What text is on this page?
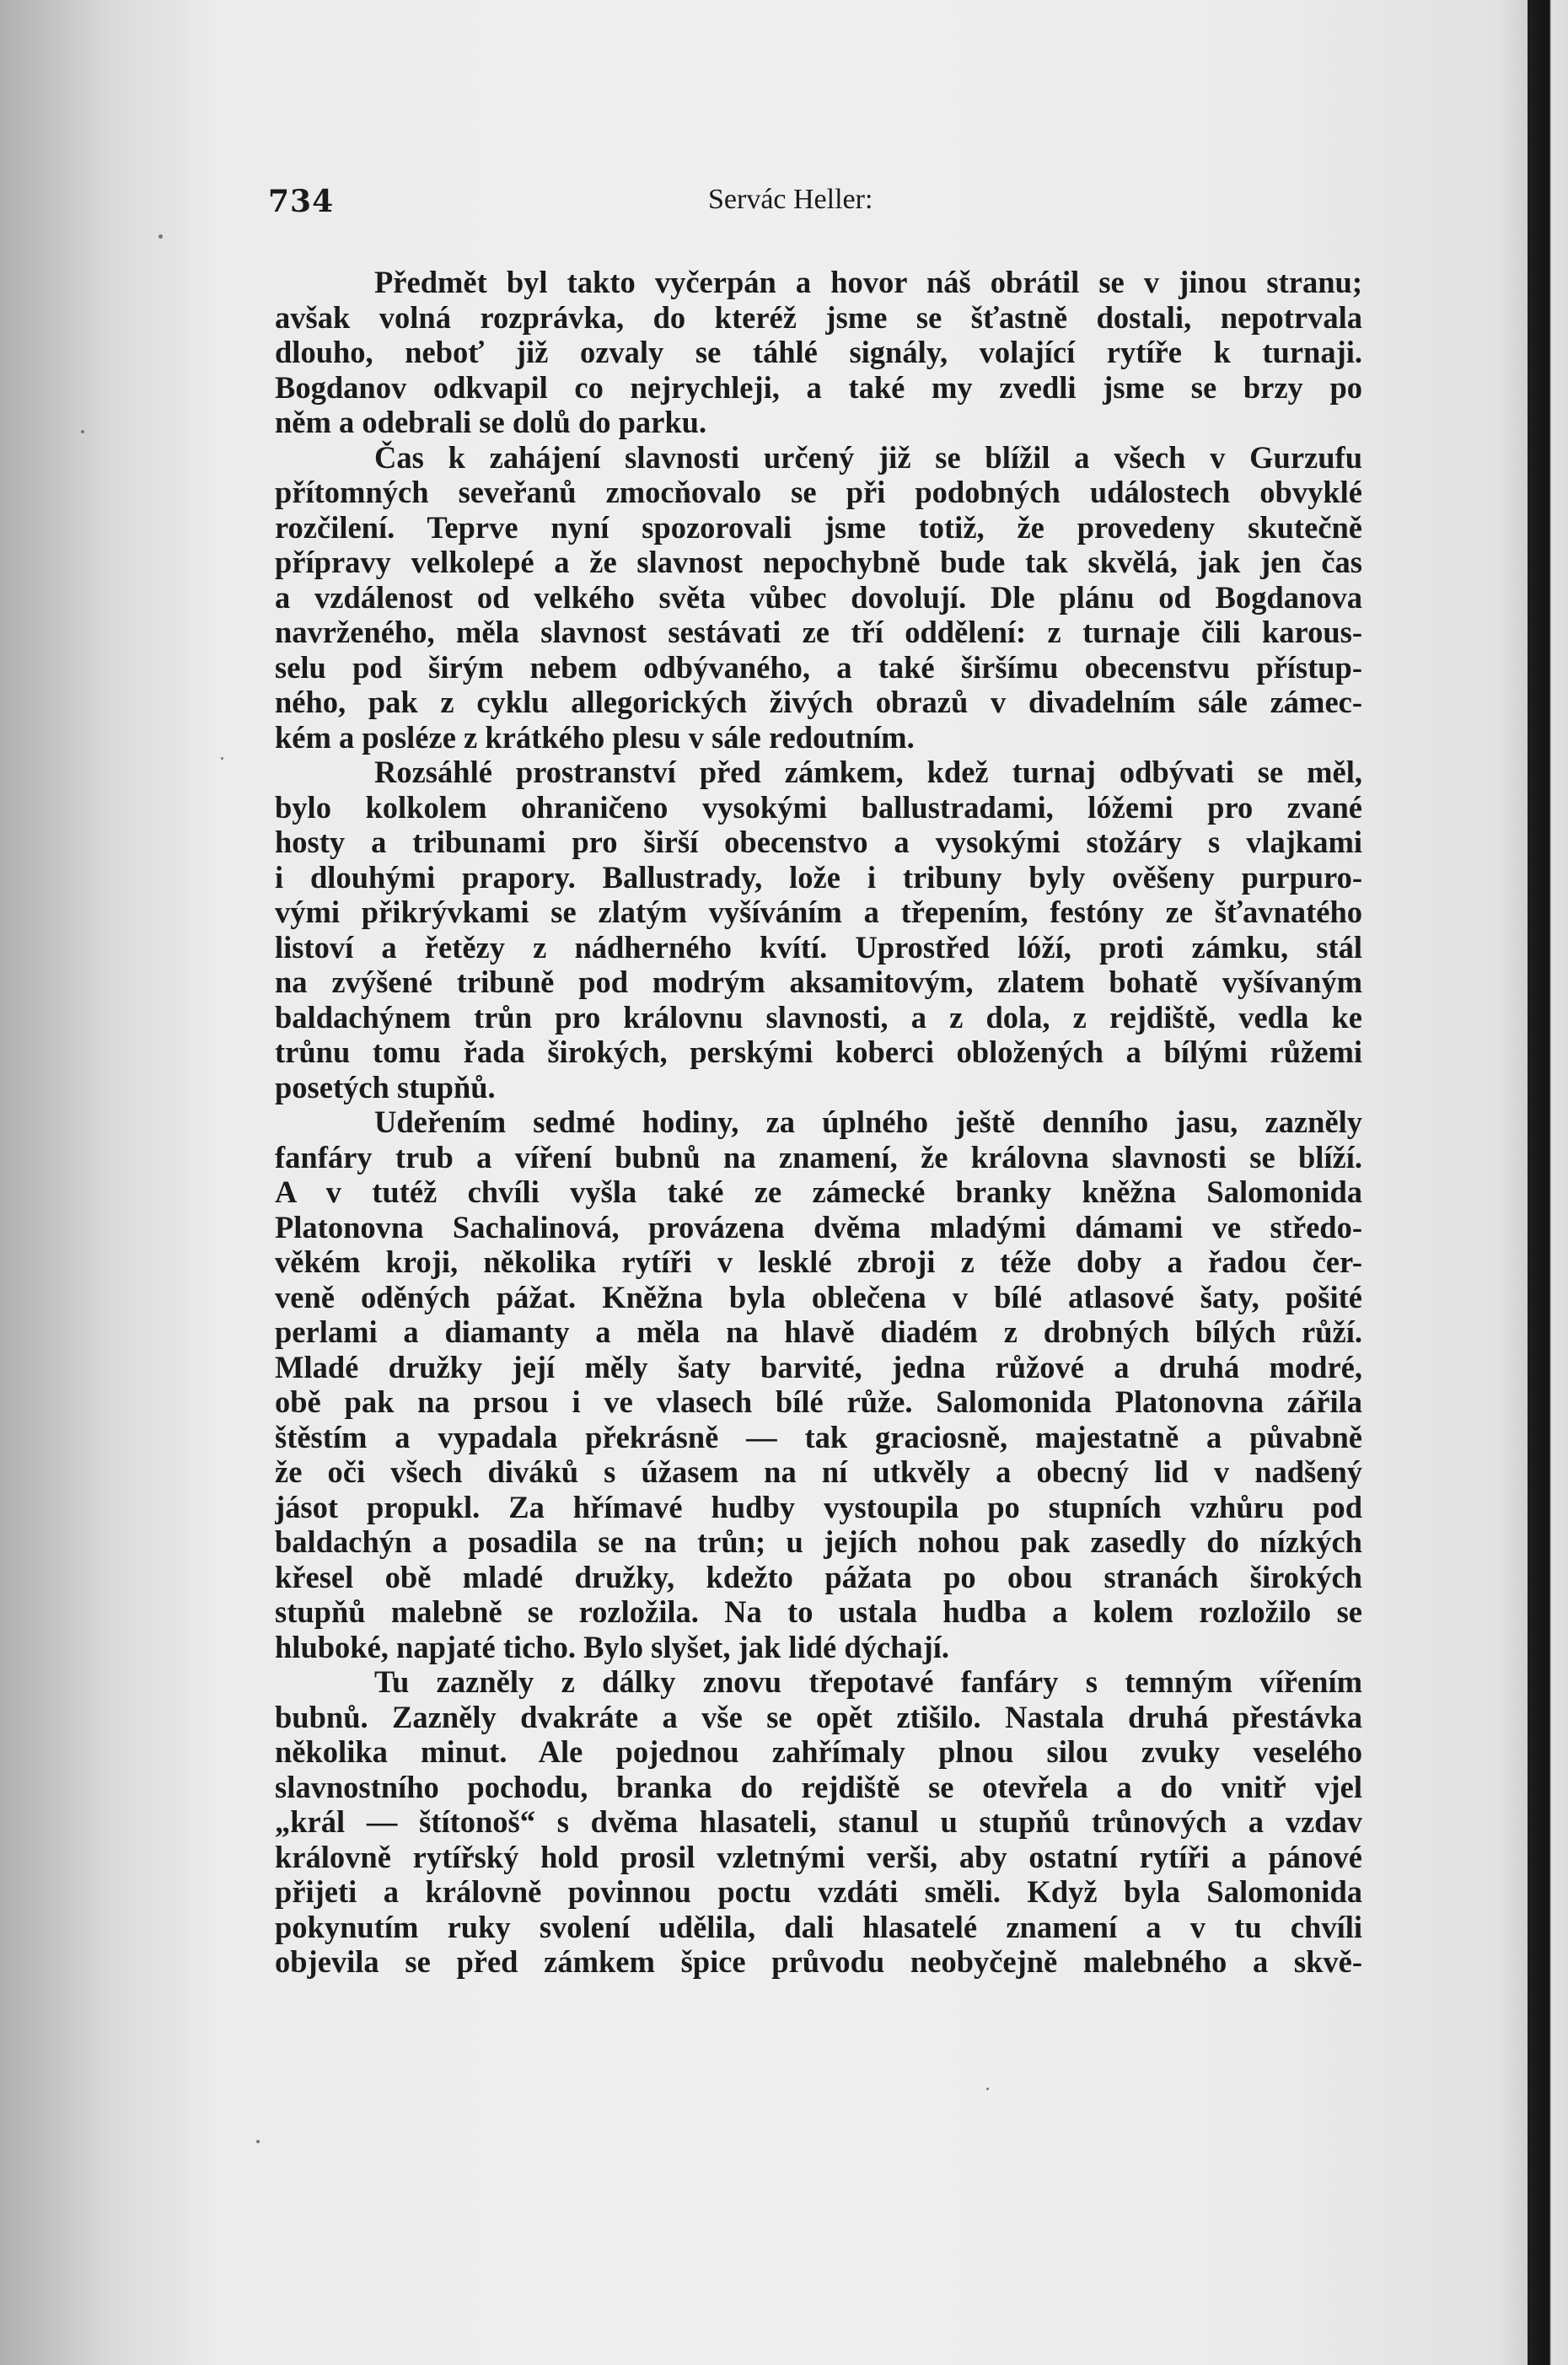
734	Servác Heller:

Předmět byl takto vyčerpán a hovor náš obrátil se v jinou stranu;
avšak volná rozprávka, do kteréž jsme se šťastně dostali, nepotrvala
dlouho, neboť již ozvaly se táhlé signály, volající rytíře k turnaji.
Bogdanov odkvapil co nejrychleji, a také my zvedli jsme se brzy po
něm a odebrali se dolů do parku.

Čas k zahájení slavnosti určený již se blížil a všech v Gurzufu
přítomných seveřanů zmocňovalo se při podobných událostech obvyklé
rozčilení. Teprve nyní spozorovali jsme totiž, že provedeny skutečně
přípravy velkolepé a že slavnost nepochybně bude tak skvělá, jak jen čas
a vzdálenost od velkého světa vůbec dovolují. Dle plánu od Bogdanova
navrženého, měla slavnost sestávati ze tří oddělení: z turnaje čili karous-
selu pod širým nebem odbývaného, a také širšímu obecenstvu přístup-
ného, pak z cyklu allegorických živých obrazů v divadelním sále zámec-
kém a posléze z krátkého plesu v sále redoutním.

Rozsáhlé prostranství před zámkem, kdež turnaj odbývati se měl,
bylo kolkolem ohraničeno vysokými ballustradami, lóžemi pro zvané
hosty a tribunami pro širší obecenstvo a vysokými stožáry s vlajkami
i dlouhými prapory. Ballustrady, lože i tribuny byly ověšeny purpuro-
vými přikrývkami se zlatým vyšíváním a třepením, festóny ze šťavnatého
listoví a řetězy z nádherného kvítí. Uprostřed lóží, proti zámku, stál
na zvýšené tribuně pod modrým aksamitovým, zlatem bohatě vyšívaným
baldachýnem trůn pro královnu slavnosti, a z dola, z rejdiště, vedla ke
trůnu tomu řada širokých, perskými koberci obložených a bílými růžemi
posetých stupňů.

Udeřením sedmé hodiny, za úplného ještě denního jasu, zazněly
fanfáry trub a víření bubnů na znamení, že královna slavnosti se blíží.
A v tutéž chvíli vyšla také ze zámecké branky kněžna Salomonida
Platonovna Sachalinová, provázena dvěma mladými dámami ve středo-
věkém kroji, několika rytíři v lesklé zbroji z téže doby a řadou čer-
veně oděných pážat. Kněžna byla oblečena v bílé atlasové šaty, pošité
perlami a diamanty a měla na hlavě diadém z drobných bílých růží.
Mladé družky její měly šaty barvité, jedna růžové a druhá modré,
obě pak na prsou i ve vlasech bílé růže. Salomonida Platonovna zářila
štěstím a vypadala překrásně — tak graciosně, majestatně a půvabně
že oči všech diváků s úžasem na ní utkvěly a obecný lid v nadšený
jásot propukl. Za hřímavé hudby vystoupila po stupních vzhůru pod
baldachýn a posadila se na trůn; u jejích nohou pak zasedly do nízkých
křesel obě mladé družky, kdežto pážata po obou stranách širokých
stupňů malebně se rozložila. Na to ustala hudba a kolem rozložilo se
hluboké, napjaté ticho. Bylo slyšet, jak lidé dýchají.

Tu zazněly z dálky znovu třepotavé fanfáry s temným vířením
bubnů. Zazněly dvakráte a vše se opět ztišilo. Nastala druhá přestávka
několika minut. Ale pojednou zahřímaly plnou silou zvuky veselého
slavnostního pochodu, branka do rejdiště se otevřela a do vnitř vjel
„král — štítonoš“ s dvěma hlasateli, stanul u stupňů trůnových a vzdav
královně rytířský hold prosil vzletnými verši, aby ostatní rytíři a pánové
přijeti a královně povinnou poctu vzdáti směli. Když byla Salomonida
pokynutím ruky svolení udělila, dali hlasatelé znamení a v tu chvíli
objevila se před zámkem špice průvodu neobyčejně malebného a skvě-
